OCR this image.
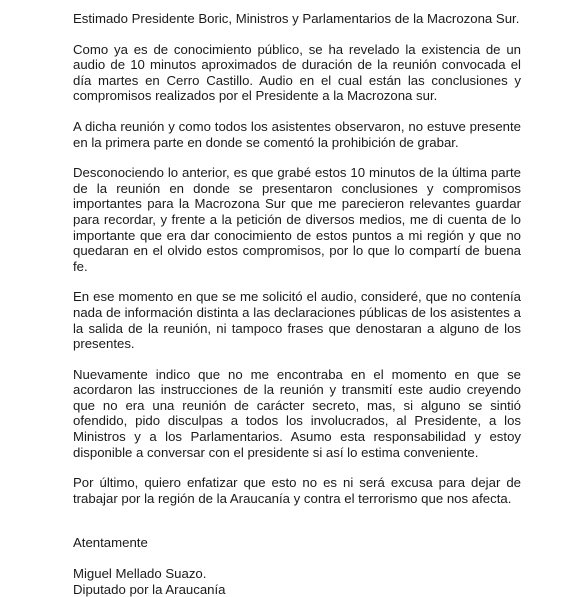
Estimado Presidente Boric, Ministros y Parlamentarios de la Macrozona Sur.

Como ya es de conocimiento público, se ha revelado la existencia de un audio de 10 minutos aproximados de duración de la reunión convocada el día martes en Cerro Castillo. Audio en el cual están las conclusiones y compromisos realizados por el Presidente a la Macrozona sur.

A dicha reunión y como todos los asistentes observaron, no estuve presente en la primera parte en donde se comentó la prohibición de grabar.

Desconociendo lo anterior, es que grabé estos 10 minutos de la última parte de la reunión en donde se presentaron conclusiones y compromisos importantes para la Macrozona Sur que me parecieron relevantes guardar para recordar, y frente a la petición de diversos medios, me di cuenta de lo importante que era dar conocimiento de estos puntos a mi región y que no quedaran en el olvido estos compromisos, por lo que lo compartí de buena fe.

En ese momento en que se me solicitó el audio, consideré, que no contenía nada de información distinta a las declaraciones públicas de los asistentes a la salida de la reunión, ni tampoco frases que denostaran a alguno de los presentes.

Nuevamente indico que no me encontraba en el momento en que se acordaron las instrucciones de la reunión y transmití este audio creyendo que no era una reunión de carácter secreto, mas, si alguno se sintió ofendido, pido disculpas a todos los involucrados, al Presidente, a los Ministros y a los Parlamentarios. Asumo esta responsabilidad y estoy disponible a conversar con el presidente si así lo estima conveniente.

Por último, quiero enfatizar que esto no es ni será excusa para dejar de trabajar por la región de la Araucanía y contra el terrorismo que nos afecta.

Atentamente

Miguel Mellado Suazo.

Diputado por la Araucanía
